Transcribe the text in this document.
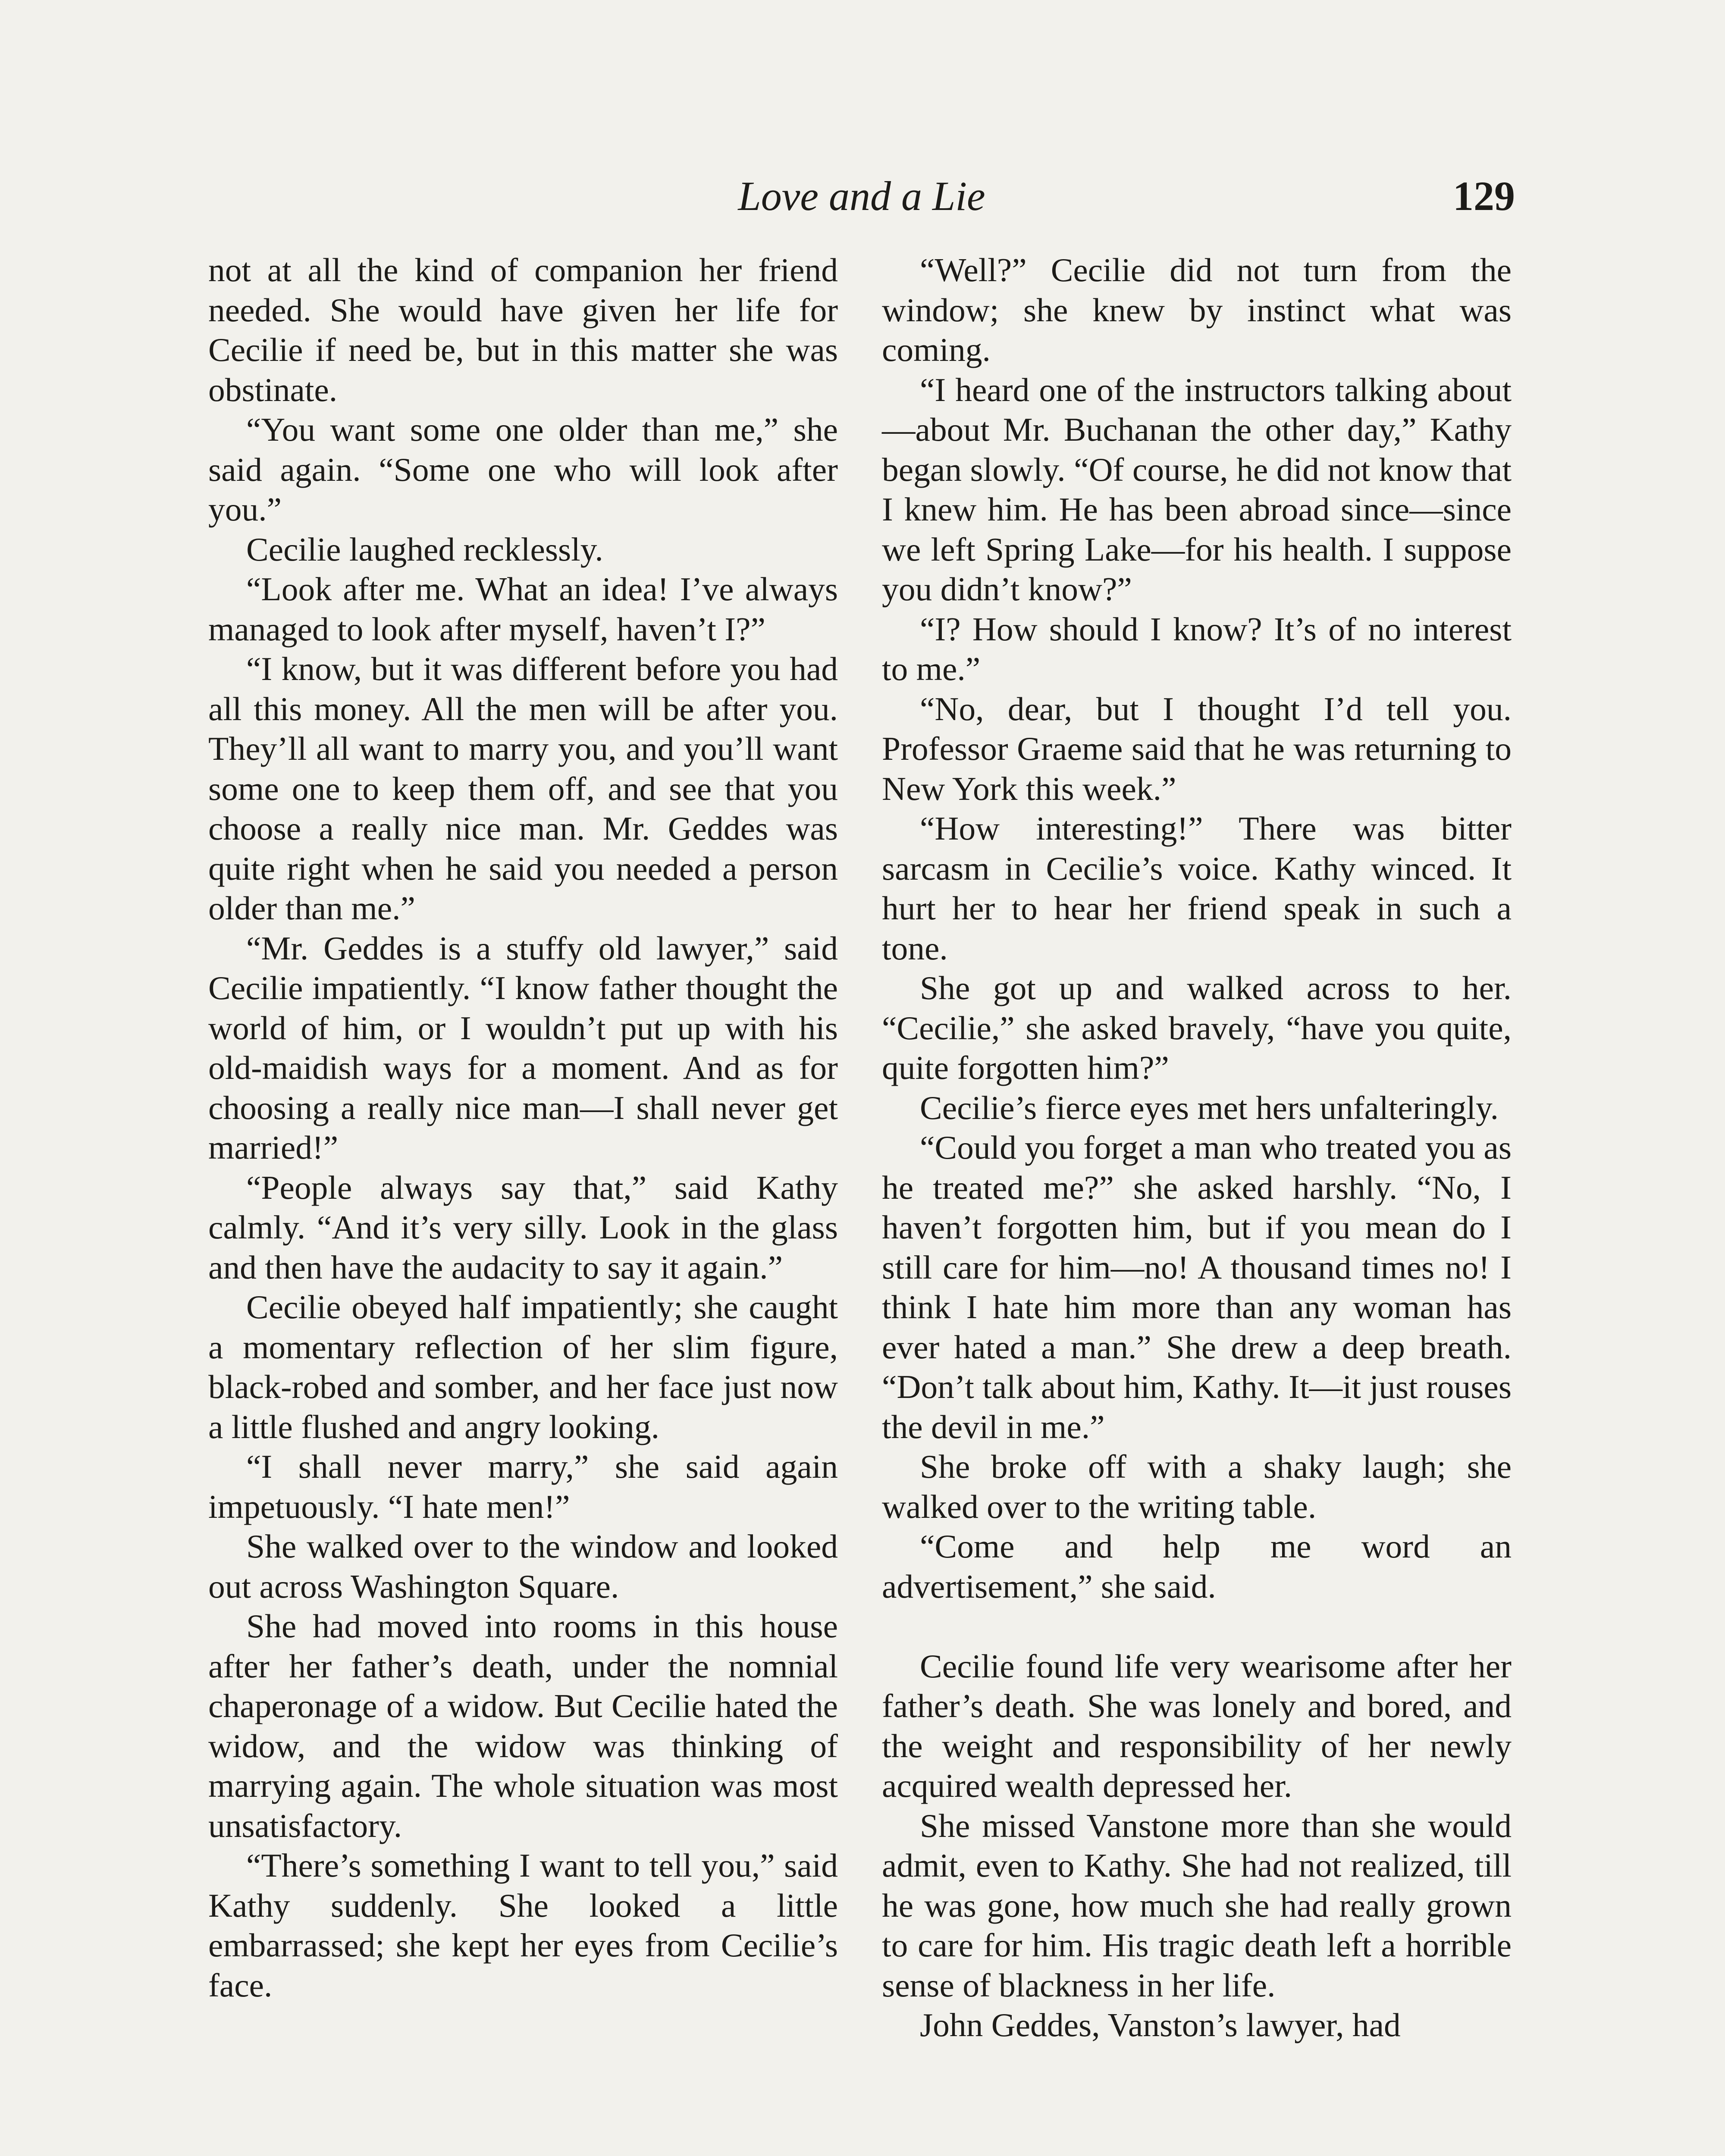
Love and a Lie	129

not at all the kind of companion her friend needed. She would have given her life for Cecilie if need be, but in this matter she was obstinate.

“You want some one older than me,” she said again. “Some one who will look after you.”

Cecilie laughed recklessly.

“Look after me. What an idea! I’ve always managed to look after myself, haven’t I?”

“I know, but it was different before you had all this money. All the men will be after you. They’ll all want to marry you, and you’ll want some one to keep them off, and see that you choose a really nice man. Mr. Geddes was quite right when he said you needed a person older than me.”

“Mr. Geddes is a stuffy old lawyer,” said Cecilie impatiently. “I know father thought the world of him, or I wouldn’t put up with his old-maidish ways for a moment. And as for choosing a really nice man—I shall never get married!”

“People always say that,” said Kathy calmly. “And it’s very silly. Look in the glass and then have the audacity to say it again.”

Cecilie obeyed half impatiently; she caught a momentary reflection of her slim figure, black-robed and somber, and her face just now a little flushed and angry looking.

“I shall never marry,” she said again impetuously. “I hate men!”

She walked over to the window and looked out across Washington Square.

She had moved into rooms in this house after her father’s death, under the nomnial chaperonage of a widow. But Cecilie hated the widow, and the widow was thinking of marrying again. The whole situation was most unsatisfactory.

“There’s something I want to tell you,” said Kathy suddenly. She looked a little embarrassed; she kept her eyes from Cecilie’s face.

“Well?” Cecilie did not turn from the window; she knew by instinct what was coming.

“I heard one of the instructors talking about—about Mr. Buchanan the other day,” Kathy began slowly. “Of course, he did not know that I knew him. He has been abroad since—since we left Spring Lake—for his health. I suppose you didn’t know?”

“I? How should I know? It’s of no interest to me.”

“No, dear, but I thought I’d tell you. Professor Graeme said that he was returning to New York this week.”

“How interesting!” There was bitter sarcasm in Cecilie’s voice. Kathy winced. It hurt her to hear her friend speak in such a tone.

She got up and walked across to her. “Cecilie,” she asked bravely, “have you quite, quite forgotten him?”

Cecilie’s fierce eyes met hers unfalteringly.

“Could you forget a man who treated you as he treated me?” she asked harshly. “No, I haven’t forgotten him, but if you mean do I still care for him—no! A thousand times no! I think I hate him more than any woman has ever hated a man.” She drew a deep breath. “Don’t talk about him, Kathy. It—it just rouses the devil in me.”

She broke off with a shaky laugh; she walked over to the writing table.

“Come and help me word an advertisement,” she said.

Cecilie found life very wearisome after her father’s death. She was lonely and bored, and the weight and responsibility of her newly acquired wealth depressed her.

She missed Vanstone more than she would admit, even to Kathy. She had not realized, till he was gone, how much she had really grown to care for him. His tragic death left a horrible sense of blackness in her life.

John Geddes, Vanston’s lawyer, had
